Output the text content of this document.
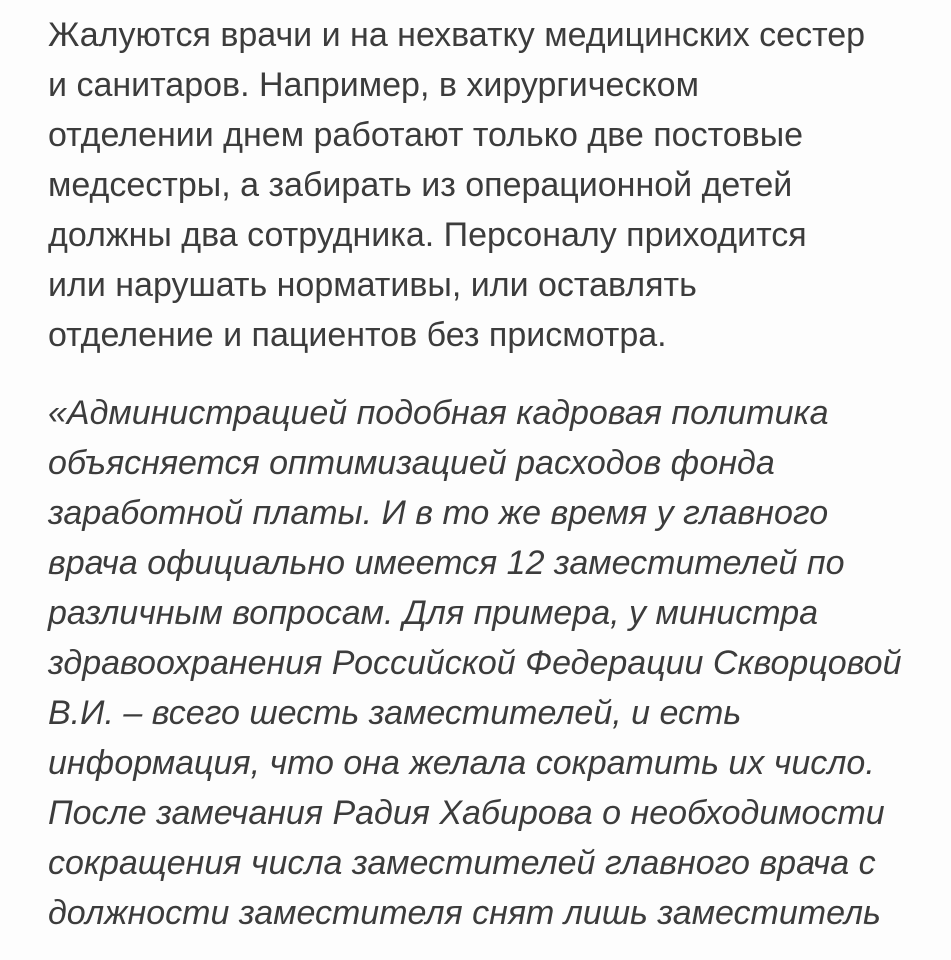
Жалуются врачи и на нехватку медицинских сестер
и санитаров. Например, в хирургическом
отделении днем работают только две постовые
медсестры, а забирать из операционной детей
должны два сотрудника. Персоналу приходится
или нарушать нормативы, или оставлять
отделение и пациентов без присмотра.

«Администрацией подобная кадровая политика
объясняется оптимизацией расходов фонда
заработной платы. И в то же время у главного
врача официально имеется 12 заместителей по
различным вопросам. Для примера, у министра
здравоохранения Российской Федерации Скворцовой
В.И. – всего шесть заместителей, и есть
информация, что она желала сократить их число.
После замечания Радия Хабирова о необходимости
сокращения числа заместителей главного врача с
должности заместителя снят лишь заместитель
